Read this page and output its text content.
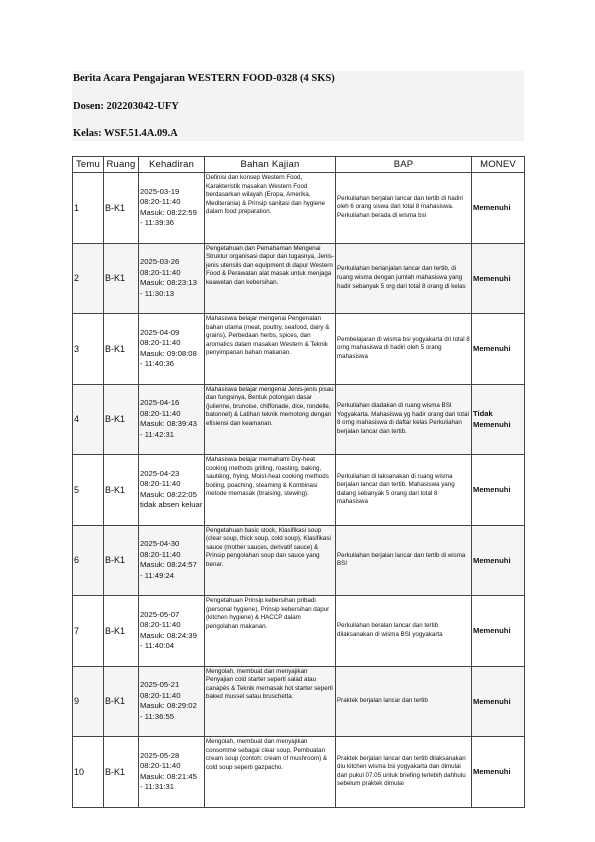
Berita Acara Pengajaran WESTERN FOOD-0328 (4 SKS)
Dosen: 202203042-UFY
Kelas: WSF.51.4A.09.A
Temu	Ruang	Kehadiran	Bahan Kajian	BAP	MONEV
1	B-K1	2025-03-19
08:20-11:40
Masuk: 08:22:59
- 11:39:36	Definisi dan konsep Western Food, Karakteristik masakan Western Food berdasarkan wilayah (Eropa, Amerika, Mediterania) & Prinsip sanitasi dan hygiene dalam food preparation.	Perkuliahan berjalan lancar dan tertib di hadiri oleh 6 orang siswa dari total 8 mahasiswa. Perkuliahan berada di wisma bsi	Memenuhi
2	B-K1	2025-03-26
08:20-11:40
Masuk: 08:23:13
- 11:30:13	Pengetahuan dan Pemahaman Mengenai Struktur organisasi dapur dan tugasnya, Jenis-jenis utensils dan equipment di dapur Western Food & Perawatan alat masak untuk menjaga keawetan dan kebersihan.	Perkuliahan berlanjalan lancar dan tertib, di ruang wisma dengan jumlah mahasiswa yang hadir sebanyak 5 org dari total 8 orang di kelas	Memenuhi
3	B-K1	2025-04-09
08:20-11:40
Masuk: 09:08:08
- 11:40:36	Mahasiswa belajar mengenai Pengenalan bahan utama (meat, poultry, seafood, dairy & grains), Perbedaan herbs, spices, dan aromatics dalam masakan Western & Teknik penyimpanan bahan makanan.	Pembelajaran di wisma bsi yogyakarta dri total 8 orng mahasiswa di hadiri oleh 5 orang mahasiswa	Memenuhi
4	B-K1	2025-04-16
08:20-11:40
Masuk: 08:39:43
- 11:42:31	Mahasiswa belajar mengenai Jenis-jenis pisau dan fungsinya, Bentuk potongan dasar (julienne, brunoise, chiffonade, dice, rondelle, batonnet) & Latihan teknik memotong dengan efisiensi dan keamanan.	Perkuliahan diadakan di ruang wisma BSI Yogyakarta. Mahasiswa yg hadir orang dari total 8 orng mahasiswa di daftar kelas Perkuliahan berjalan lancar dan tertib.	Tidak Memenuhi
5	B-K1	2025-04-23
08:20-11:40
Masuk: 08:22:05
tidak absen keluar	Mahasiswa belajar memahami Dry-heat cooking methods grilling, roasting, baking, sautéing, frying, Moist-heat cooking methods boiling, poaching, steaming & Kombinasi metode memasak (braising, stewing).	Perkuliahan di laksanakan di ruang wisma berjalan lancar dan tertib. Mahasiswa yang datang sebanyak 5 orang dari total 8 mahasiswa	Memenuhi
6	B-K1	2025-04-30
08:20-11:40
Masuk: 08:24:57
- 11:49:24	Pengetahuan basic stock, Klasifikasi soup (clear soup, thick soup, cold soup), Klasifikasi sauce (mother sauces, derivatif sauce) & Prinsip pengolahan soup dan sauce yang benar.	Perkuliahan berjalan lancar dan tertib di wisma BSI	Memenuhi
7	B-K1	2025-05-07
08:20-11:40
Masuk: 08:24:39
- 11:40:04	Pengetahuan Prinsip kebersihan pribadi (personal hygiene), Prinsip kebersihan dapur (kitchen hygiene) & HACCP dalam pengolahan makanan.	Perkuliahan beralan lancar dan tertib dilaksanakan di wisma BSI yogyakarta	Memenuhi
9	B-K1	2025-05-21
08:20-11:40
Masuk: 08:29:02
- 11:36:55	Mengolah, membuat dan menyajikan Penyajian cold starter seperti salad atau canapés & Teknik memasak hot starter seperti baked mussel satau bruschetta.	Praktek berjalan lancar dan tertib	Memenuhi
10	B-K1	2025-05-28
08:20-11:40
Masuk: 08:21:45
- 11:31:31	Mengolah, membuat dan menyajikan consommé sebagai clear soup, Pembuatan cream soup (contoh: cream of mushroom) & cold soup seperti gazpacho.	Praktek berjalan lancar dan tertib dilaksanakan diu kitchen wisma bsi yogyakarta dan dimulai dari pukul 07.05 untuk briefing terlebih dahhulu sebelum praktek dimulai	Memenuhi
